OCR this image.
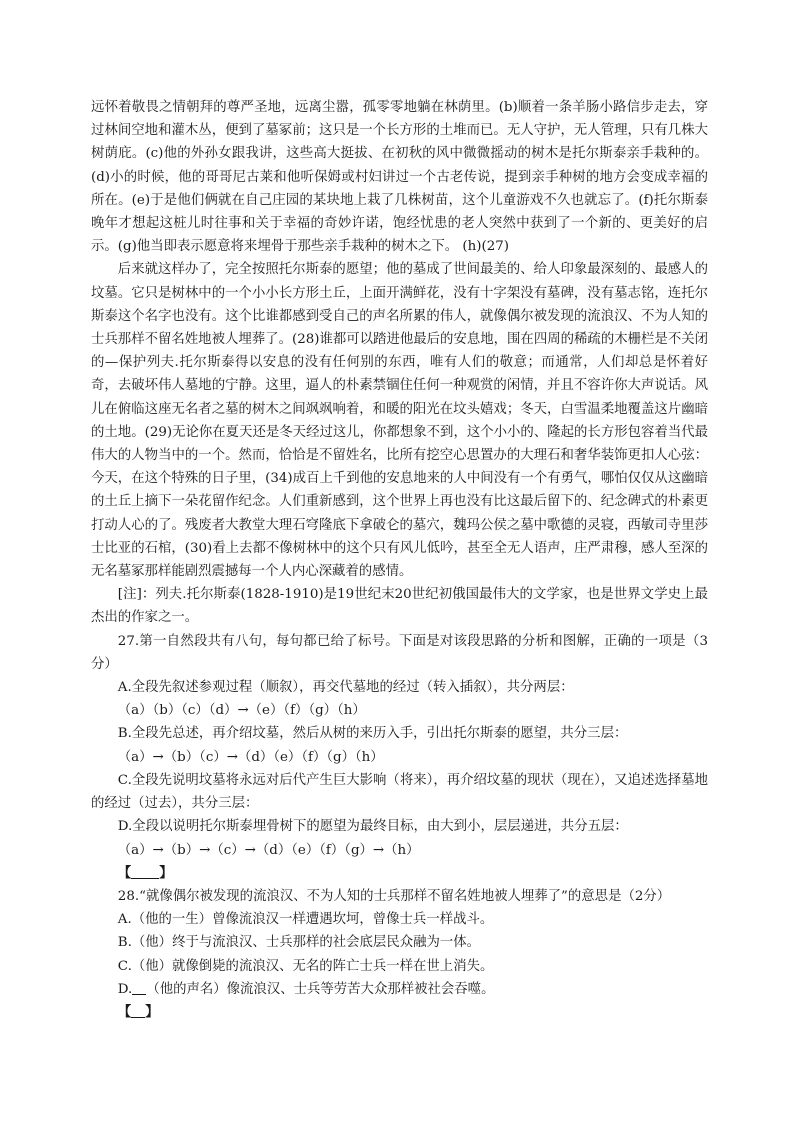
远怀着敬畏之情朝拜的尊严圣地，远离尘嚣，孤零零地躺在林荫里。(b)顺着一条羊肠小路信步走去，穿过林间空地和灌木丛，便到了墓冢前；这只是一个长方形的土堆而已。无人守护，无人管理，只有几株大树荫庇。(c)他的外孙女跟我讲，这些高大挺拔、在初秋的风中微微摇动的树木是托尔斯泰亲手栽种的。(d)小的时候，他的哥哥尼古莱和他听保姆或村妇讲过一个古老传说，提到亲手种树的地方会变成幸福的所在。(e)于是他们俩就在自己庄园的某块地上栽了几株树苗，这个儿童游戏不久也就忘了。(f)托尔斯泰晚年才想起这桩儿时往事和关于幸福的奇妙许诺，饱经忧患的老人突然中获到了一个新的、更美好的启示。(g)他当即表示愿意将来埋骨于那些亲手栽种的树木之下。 (h)(27)

后来就这样办了，完全按照托尔斯泰的愿望；他的墓成了世间最美的、给人印象最深刻的、最感人的坟墓。它只是树林中的一个小小长方形土丘，上面开满鲜花，没有十字架没有墓碑，没有墓志铭，连托尔斯泰这个名字也没有。这个比谁都感到受自己的声名所累的伟人，就像偶尔被发现的流浪汉、不为人知的士兵那样不留名姓地被人埋葬了。(28)谁都可以踏进他最后的安息地，围在四周的稀疏的木栅栏是不关闭的—保护列夫.托尔斯泰得以安息的没有任何别的东西，唯有人们的敬意；而通常，人们却总是怀着好奇，去破坏伟人墓地的宁静。这里，逼人的朴素禁锢住任何一种观赏的闲情，并且不容许你大声说话。风儿在俯临这座无名者之墓的树木之间飒飒响着，和暖的阳光在坟头嬉戏；冬天，白雪温柔地覆盖这片幽暗的土地。(29)无论你在夏天还是冬天经过这儿，你都想象不到，这个小小的、隆起的长方形包容着当代最伟大的人物当中的一个。然而，恰恰是不留姓名，比所有挖空心思置办的大理石和奢华装饰更扣人心弦：今天，在这个特殊的日子里，(34)成百上千到他的安息地来的人中间没有一个有勇气，哪怕仅仅从这幽暗的土丘上摘下一朵花留作纪念。人们重新感到，这个世界上再也没有比这最后留下的、纪念碑式的朴素更打动人心的了。残废者大教堂大理石穹隆底下拿破仑的墓穴，魏玛公侯之墓中歌德的灵寝，西敏司寺里莎士比亚的石棺，(30)看上去都不像树林中的这个只有风儿低吟，甚至全无人语声，庄严肃穆，感人至深的无名墓冢那样能剧烈震撼每一个人内心深藏着的感情。

[注]：列夫.托尔斯泰(1828-1910)是19世纪末20世纪初俄国最伟大的文学家，也是世界文学史上最杰出的作家之一。

27.第一自然段共有八句，每句都已给了标号。下面是对该段思路的分析和图解，正确的一项是（3分）

A.全段先叙述参观过程（顺叙），再交代墓地的经过（转入插叙），共分两层：

（a）（b）（c）（d）→（e）（f）（g）（h）

B.全段先总述，再介绍坟墓，然后从树的来历入手，引出托尔斯泰的愿望，共分三层：

（a）→（b）（c）→（d）（e）（f）（g）（h）

C.全段先说明坟墓将永远对后代产生巨大影响（将来），再介绍坟墓的现状（现在），又追述选择墓地的经过（过去），共分三层：

D.全段以说明托尔斯泰埋骨树下的愿望为最终目标，由大到小，层层递进，共分五层：

（a）→（b）→（c）→（d）（e）（f）（g）→（h）

【 】

28.“就像偶尔被发现的流浪汉、不为人知的士兵那样不留名姓地被人埋葬了”的意思是（2分）

A.（他的一生）曾像流浪汉一样遭遇坎坷，曾像士兵一样战斗。

B.（他）终于与流浪汉、士兵那样的社会底层民众融为一体。

C.（他）就像倒毙的流浪汉、无名的阵亡士兵一样在世上消失。

D. （他的声名）像流浪汉、士兵等劳苦大众那样被社会吞噬。

【 】
